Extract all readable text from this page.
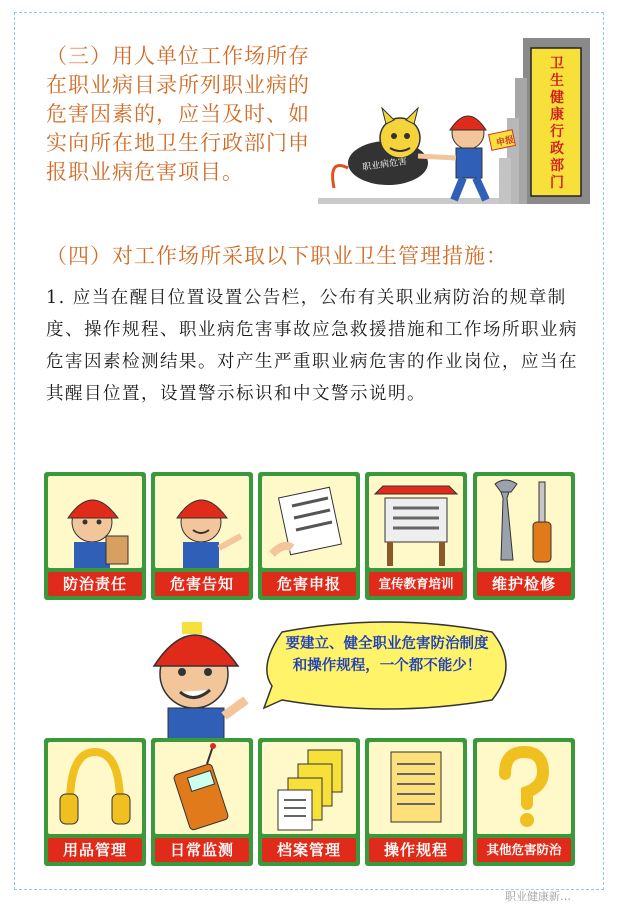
（三）用人单位工作场所存在职业病目录所列职业病的危害因素的，应当及时、如实向所在地卫生行政部门申报职业病危害项目。

卫
生
健
康
行
政
部
门
职业病危害
申报

（四）对工作场所采取以下职业卫生管理措施：

1. 应当在醒目位置设置公告栏，公布有关职业病防治的规章制度、操作规程、职业病危害事故应急救援措施和工作场所职业病危害因素检测结果。对产生严重职业病危害的作业岗位，应当在其醒目位置，设置警示标识和中文警示说明。

防治责任	危害告知	危害申报	宣传教育培训	维护检修
要建立、健全职业危害防治制度和操作规程，一个都不能少！
用品管理	日常监测	档案管理	操作规程	其他危害防治
职业健康新…
